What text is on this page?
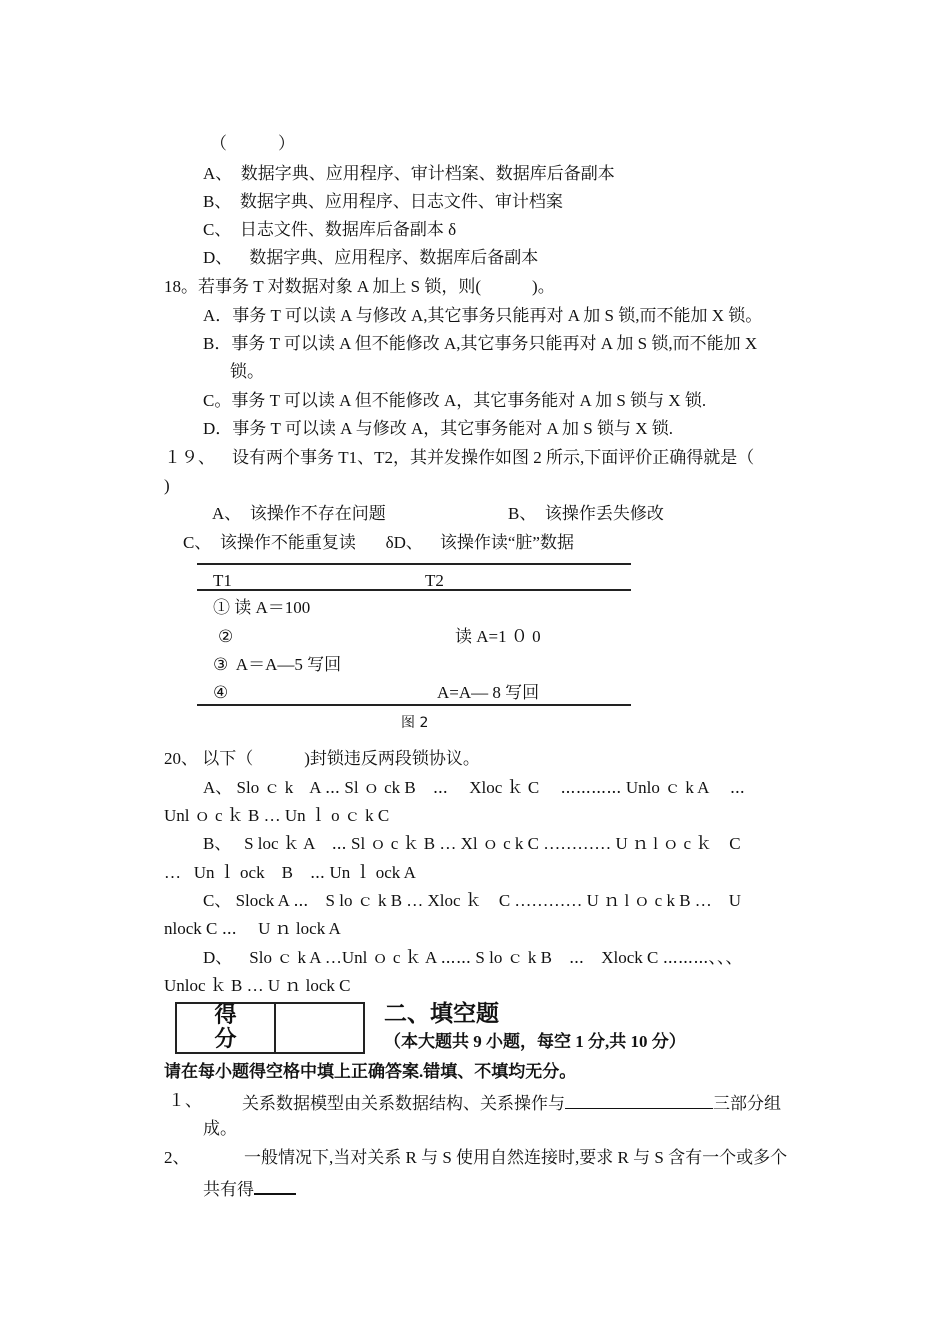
（　　　）
A、  数据字典、应用程序、审计档案、数据库后备副本
B、  数据字典、应用程序、日志文件、审计档案
C、  日志文件、数据库后备副本 δ
D、    数据字典、应用程序、数据库后备副本
18。若事务 T 对数据对象 A 加上 S 锁，则(　　　)。
A．事务 T 可以读 A 与修改 A,其它事务只能再对 A 加 S 锁,而不能加 X 锁。
B．事务 T 可以读 A 但不能修改 A,其它事务只能再对 A 加 S 锁,而不能加 X
锁。
C。事务 T 可以读 A 但不能修改 A，其它事务能对 A 加 S 锁与 X 锁.
D．事务 T 可以读 A 与修改 A，其它事务能对 A 加 S 锁与 X 锁.
１９、    设有两个事务 T1、T2，其并发操作如图 2 所示,下面评价正确得就是（
)
A、  该操作不存在问题	B、  该操作丢失修改
C、  该操作不能重复读       δD、    该操作读“脏”数据
T1	T2
① 读 A＝100
②	读 A=1 ０ 0
③  A＝A—5 写回
④	A=A— 8 写回
图 2
20、 以下（　　　)封锁违反两段锁协议。
A、 Slo ｃ k    A ⋯ Sl ｏ ck B    ⋯     Xloc ｋ C     ⋯⋯⋯⋯ Unlo ｃ k A     ⋯
Unl ｏ c ｋ B … Un ｌ o ｃ k C
B、   S loc ｋ A    ⋯ Sl ｏ c ｋ B … Xl ｏ c k C ………… U ｎ l ｏ c ｋ    C
…   Un ｌ ock    B    ⋯ Un ｌ ock A
C、 Slock A ⋯    S lo ｃ k B … Xloc ｋ    C ………… U ｎ l ｏ c k B …    U
nlock C ⋯     U ｎ lock A
D、    Slo ｃ k A …Unl ｏ c ｋ A ⋯⋯ S lo ｃ k B    ⋯    Xlock C ⋯⋯⋯、、、
Unloc ｋ B … U ｎ lock C
得
分
二、填空题
（本大题共 9 小题，每空 1 分,共 10 分）
请在每小题得空格中填上正确答案.错填、不填均无分。
１、 关系数据模型由关系数据结构、关系操作与	三部分组
成。
2、	一般情况下,当对关系 R 与 S 使用自然连接时,要求 R 与 S 含有一个或多个
共有得
